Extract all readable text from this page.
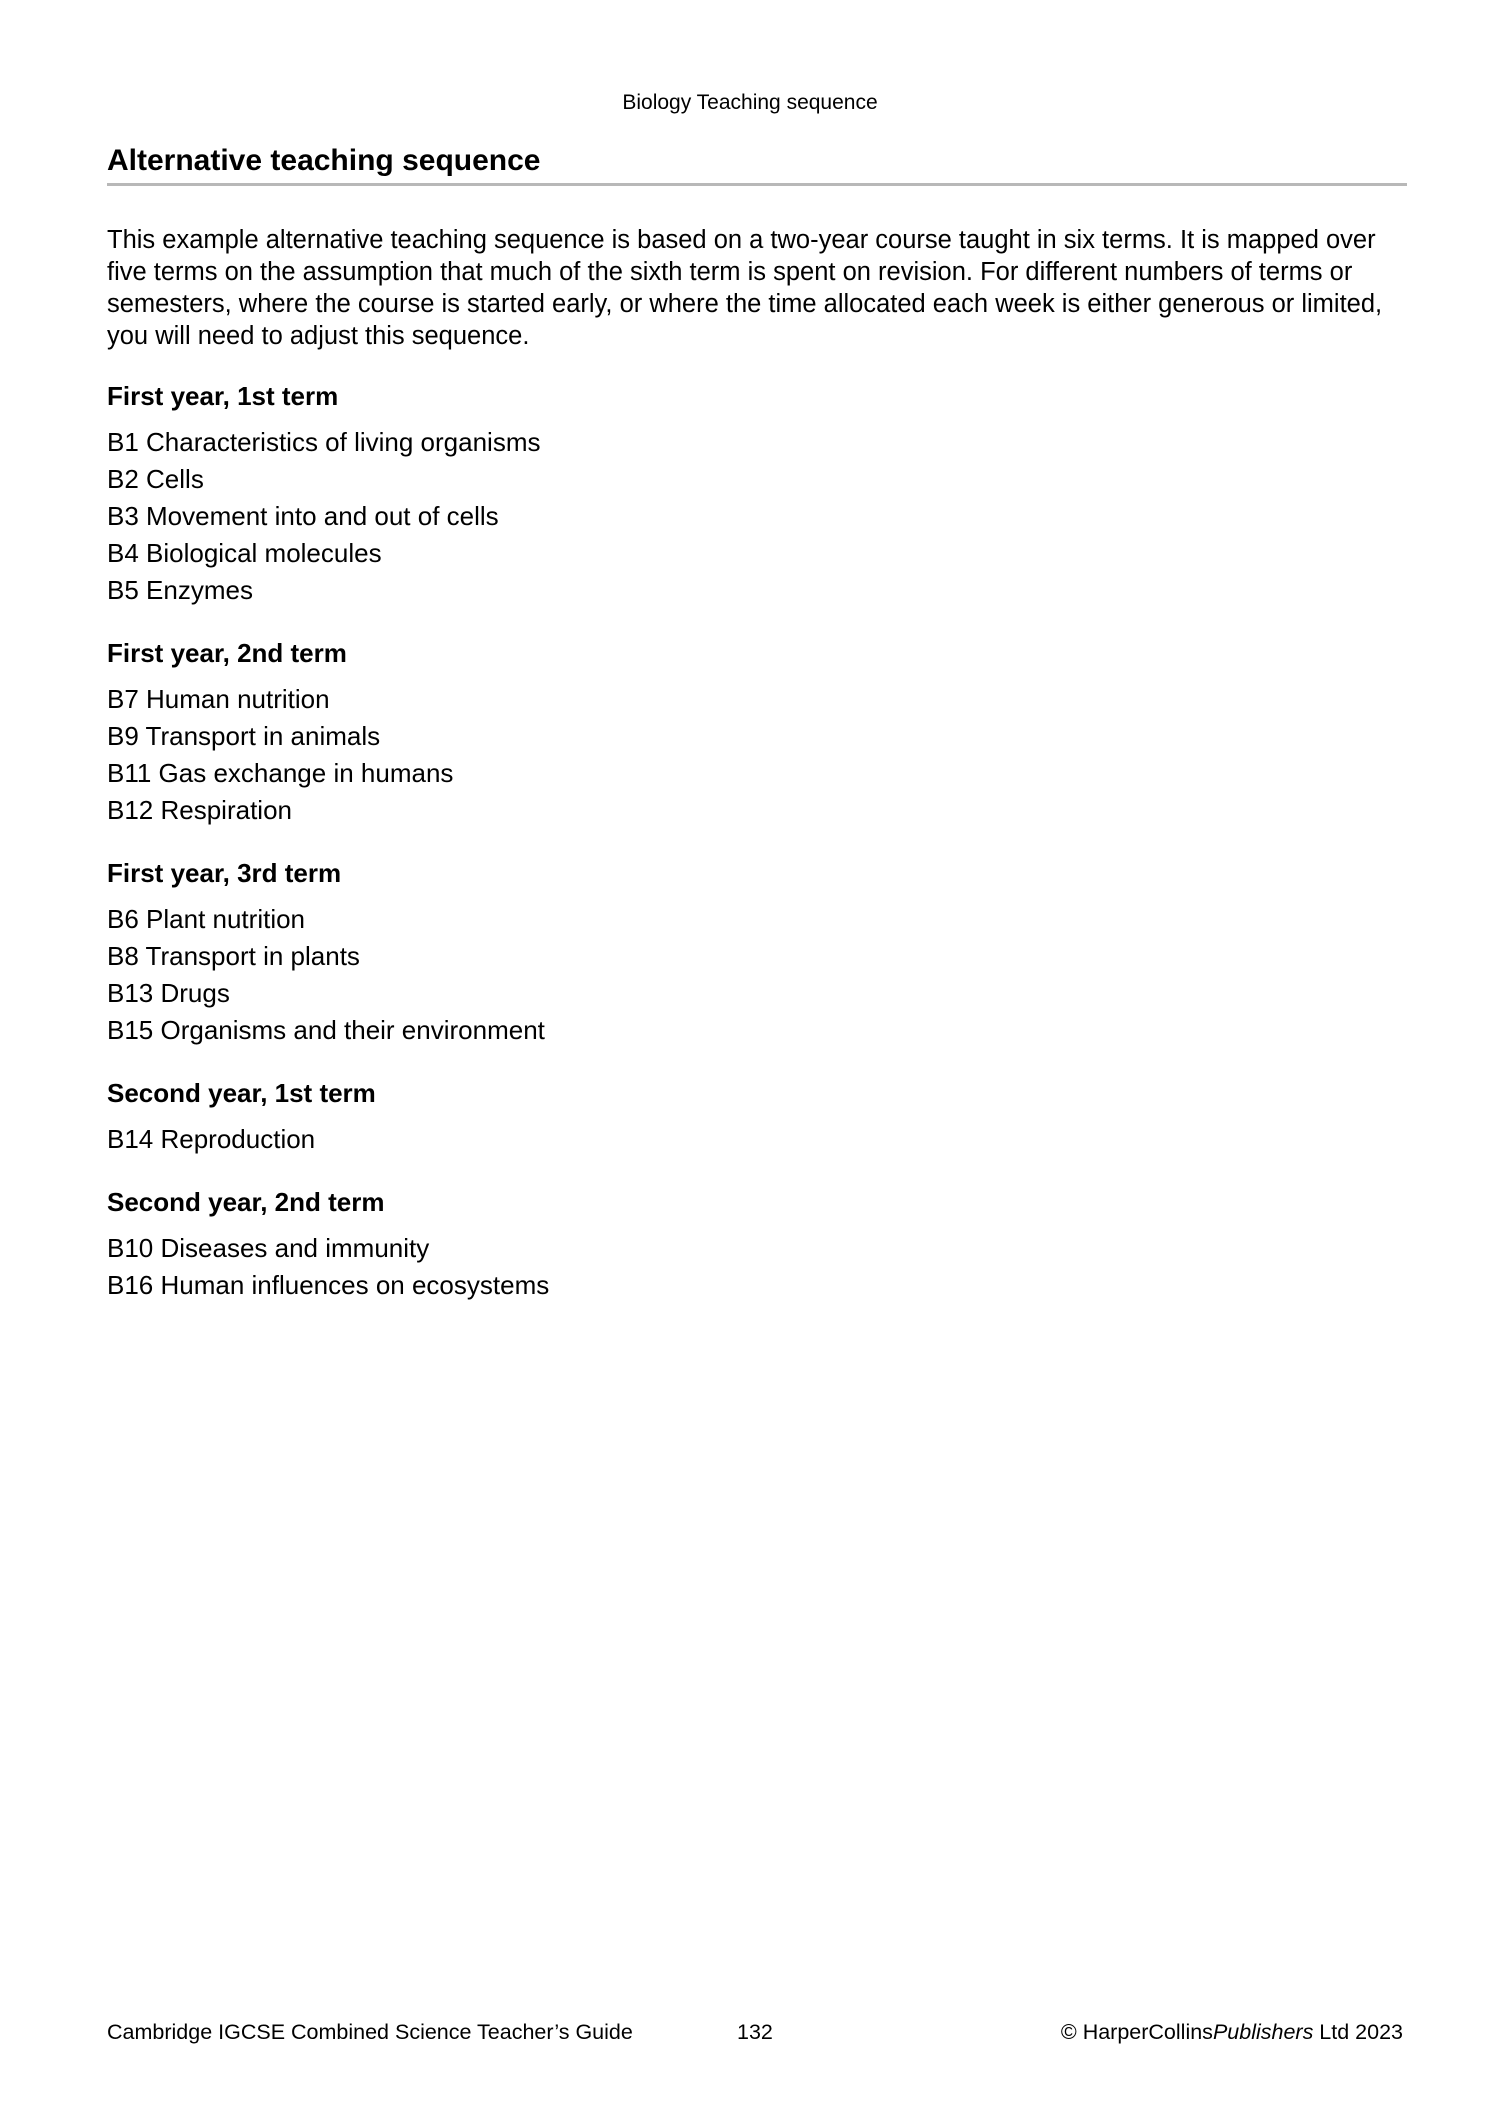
Biology Teaching sequence
Alternative teaching sequence

This example alternative teaching sequence is based on a two-year course taught in six terms. It is mapped over five terms on the assumption that much of the sixth term is spent on revision. For different numbers of terms or semesters, where the course is started early, or where the time allocated each week is either generous or limited, you will need to adjust this sequence.

First year, 1st term
B1 Characteristics of living organisms
B2 Cells
B3 Movement into and out of cells
B4 Biological molecules
B5 Enzymes
First year, 2nd term
B7 Human nutrition
B9 Transport in animals
B11 Gas exchange in humans
B12 Respiration
First year, 3rd term
B6 Plant nutrition
B8 Transport in plants
B13 Drugs
B15 Organisms and their environment
Second year, 1st term
B14 Reproduction
Second year, 2nd term
B10 Diseases and immunity
B16 Human influences on ecosystems
Cambridge IGCSE Combined Science Teacher’s Guide	132	© HarperCollinsPublishers Ltd 2023
